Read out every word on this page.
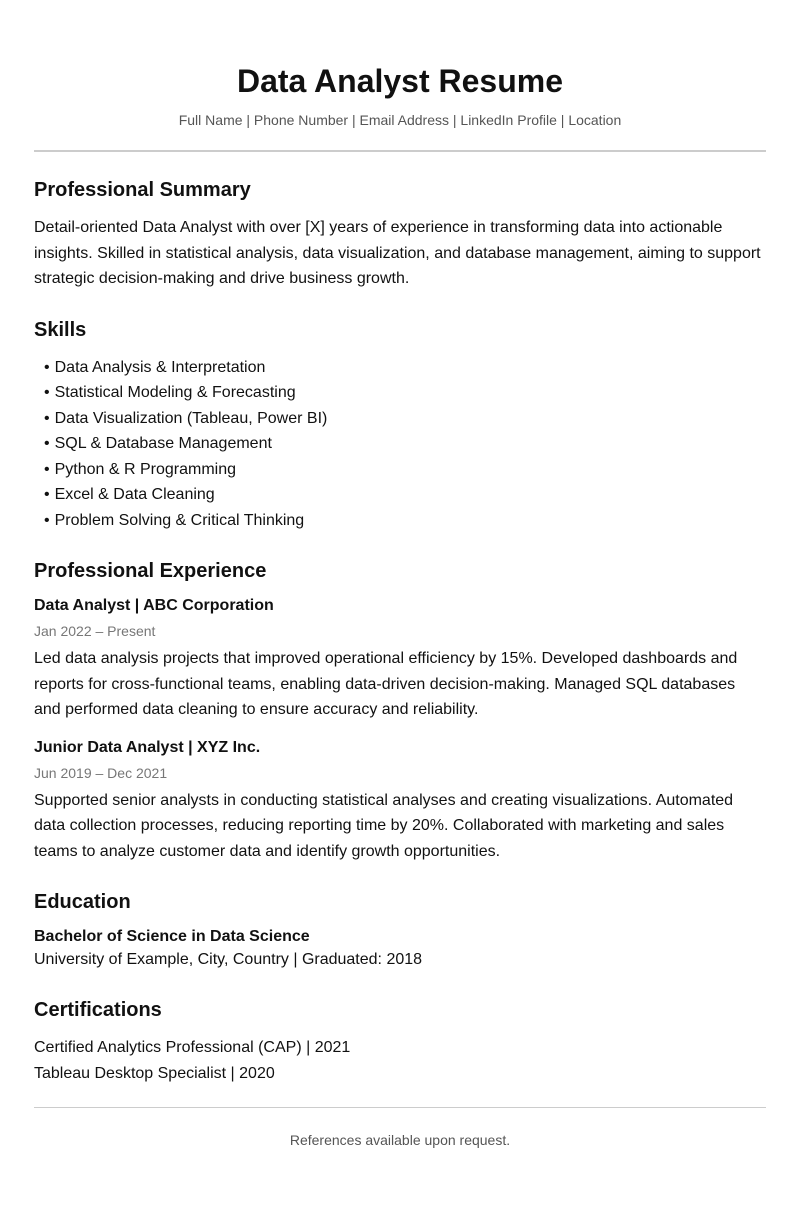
Data Analyst Resume
Full Name | Phone Number | Email Address | LinkedIn Profile | Location
Professional Summary
Detail-oriented Data Analyst with over [X] years of experience in transforming data into actionable insights. Skilled in statistical analysis, data visualization, and database management, aiming to support strategic decision-making and drive business growth.
Skills
• Data Analysis & Interpretation
• Statistical Modeling & Forecasting
• Data Visualization (Tableau, Power BI)
• SQL & Database Management
• Python & R Programming
• Excel & Data Cleaning
• Problem Solving & Critical Thinking
Professional Experience
Data Analyst | ABC Corporation
Jan 2022 – Present
Led data analysis projects that improved operational efficiency by 15%. Developed dashboards and reports for cross-functional teams, enabling data-driven decision-making. Managed SQL databases and performed data cleaning to ensure accuracy and reliability.
Junior Data Analyst | XYZ Inc.
Jun 2019 – Dec 2021
Supported senior analysts in conducting statistical analyses and creating visualizations. Automated data collection processes, reducing reporting time by 20%. Collaborated with marketing and sales teams to analyze customer data and identify growth opportunities.
Education
Bachelor of Science in Data Science
University of Example, City, Country | Graduated: 2018
Certifications
Certified Analytics Professional (CAP) | 2021
Tableau Desktop Specialist | 2020
References available upon request.
